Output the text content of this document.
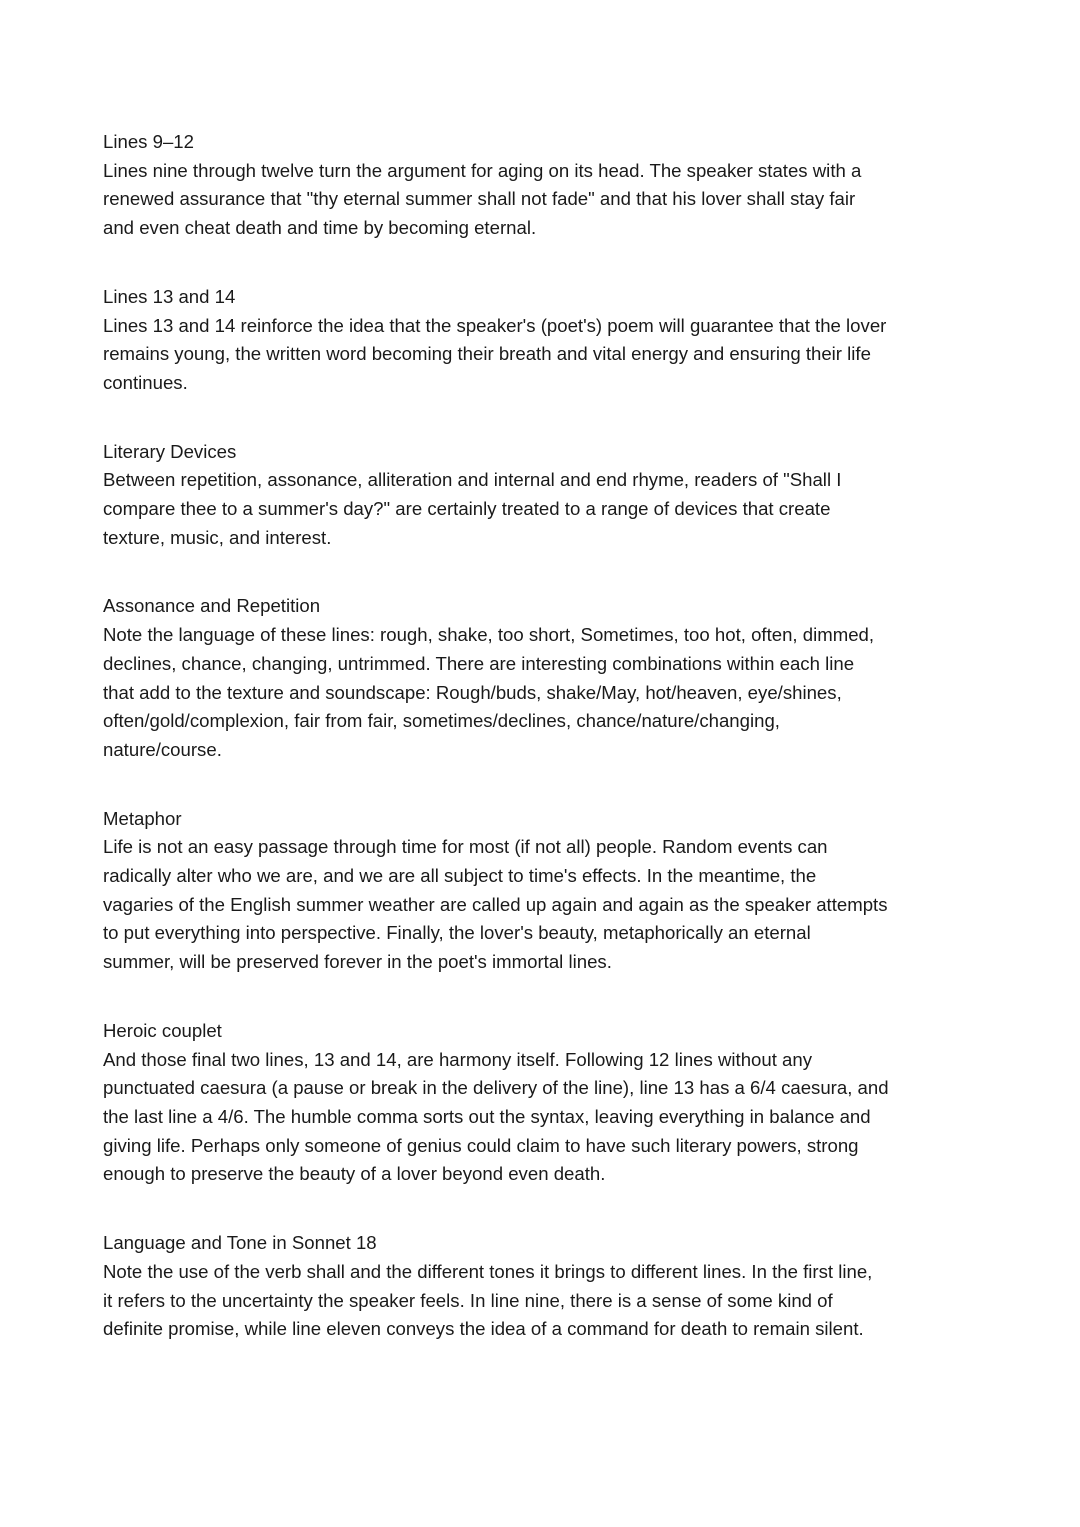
Lines 9–12

Lines nine through twelve turn the argument for aging on its head. The speaker states with a
renewed assurance that "thy eternal summer shall not fade" and that his lover shall stay fair
and even cheat death and time by becoming eternal.

Lines 13 and 14

Lines 13 and 14 reinforce the idea that the speaker's (poet's) poem will guarantee that the lover
remains young, the written word becoming their breath and vital energy and ensuring their life
continues.

Literary Devices

Between repetition, assonance, alliteration and internal and end rhyme, readers of "Shall I
compare thee to a summer's day?" are certainly treated to a range of devices that create
texture, music, and interest.

Assonance and Repetition

Note the language of these lines: rough, shake, too short, Sometimes, too hot, often, dimmed,
declines, chance, changing, untrimmed. There are interesting combinations within each line
that add to the texture and soundscape: Rough/buds, shake/May, hot/heaven, eye/shines,
often/gold/complexion, fair from fair, sometimes/declines, chance/nature/changing,
nature/course.

Metaphor

Life is not an easy passage through time for most (if not all) people. Random events can
radically alter who we are, and we are all subject to time's effects. In the meantime, the
vagaries of the English summer weather are called up again and again as the speaker attempts
to put everything into perspective. Finally, the lover's beauty, metaphorically an eternal
summer, will be preserved forever in the poet's immortal lines.

Heroic couplet

And those final two lines, 13 and 14, are harmony itself. Following 12 lines without any
punctuated caesura (a pause or break in the delivery of the line), line 13 has a 6/4 caesura, and
the last line a 4/6. The humble comma sorts out the syntax, leaving everything in balance and
giving life. Perhaps only someone of genius could claim to have such literary powers, strong
enough to preserve the beauty of a lover beyond even death.

Language and Tone in Sonnet 18

Note the use of the verb shall and the different tones it brings to different lines. In the first line,
it refers to the uncertainty the speaker feels. In line nine, there is a sense of some kind of
definite promise, while line eleven conveys the idea of a command for death to remain silent.
